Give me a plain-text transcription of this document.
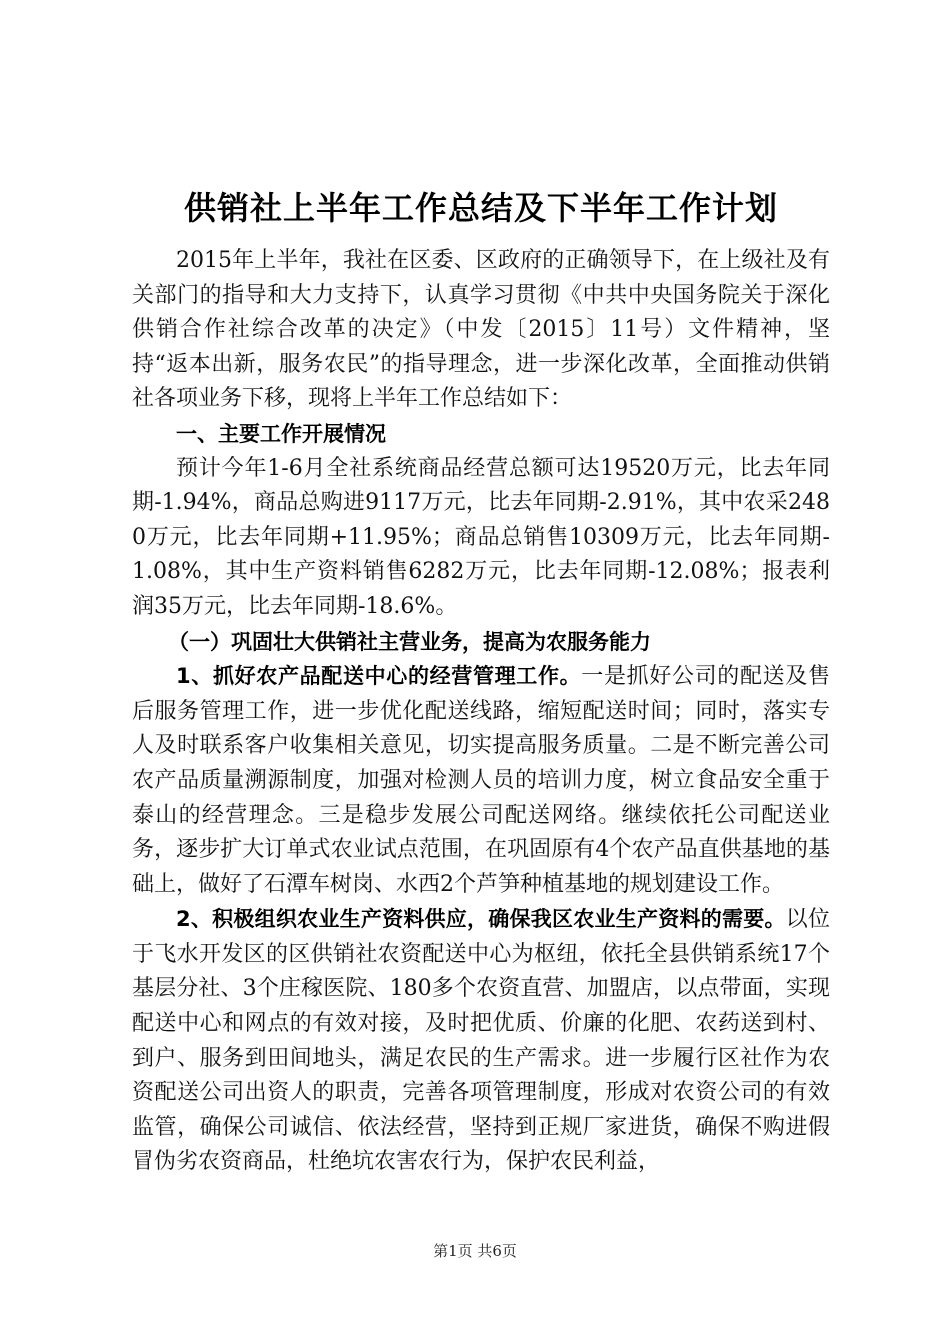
供销社上半年工作总结及下半年工作计划

2015年上半年，我社在区委、区政府的正确领导下，在上级社及有关部门的指导和大力支持下，认真学习贯彻《中共中央国务院关于深化供销合作社综合改革的决定》（中发〔2015〕11号）文件精神，坚持“返本出新，服务农民”的指导理念，进一步深化改革，全面推动供销社各项业务下移，现将上半年工作总结如下：

一、主要工作开展情况

预计今年1-6月全社系统商品经营总额可达19520万元，比去年同期-1.94%，商品总购进9117万元，比去年同期-2.91%，其中农采2480万元，比去年同期+11.95%；商品总销售10309万元，比去年同期-1.08%，其中生产资料销售6282万元，比去年同期-12.08%；报表利润35万元，比去年同期-18.6%。

（一）巩固壮大供销社主营业务，提高为农服务能力

1、抓好农产品配送中心的经营管理工作。一是抓好公司的配送及售后服务管理工作，进一步优化配送线路，缩短配送时间；同时，落实专人及时联系客户收集相关意见，切实提高服务质量。二是不断完善公司农产品质量溯源制度，加强对检测人员的培训力度，树立食品安全重于泰山的经营理念。三是稳步发展公司配送网络。继续依托公司配送业务，逐步扩大订单式农业试点范围，在巩固原有4个农产品直供基地的基础上，做好了石潭车树岗、水西2个芦笋种植基地的规划建设工作。

2、积极组织农业生产资料供应，确保我区农业生产资料的需要。以位于飞水开发区的区供销社农资配送中心为枢纽，依托全县供销系统17个基层分社、3个庄稼医院、180多个农资直营、加盟店，以点带面，实现配送中心和网点的有效对接，及时把优质、价廉的化肥、农药送到村、到户、服务到田间地头，满足农民的生产需求。进一步履行区社作为农资配送公司出资人的职责，完善各项管理制度，形成对农资公司的有效监管，确保公司诚信、依法经营，坚持到正规厂家进货，确保不购进假冒伪劣农资商品，杜绝坑农害农行为，保护农民利益，

第1页 共6页
